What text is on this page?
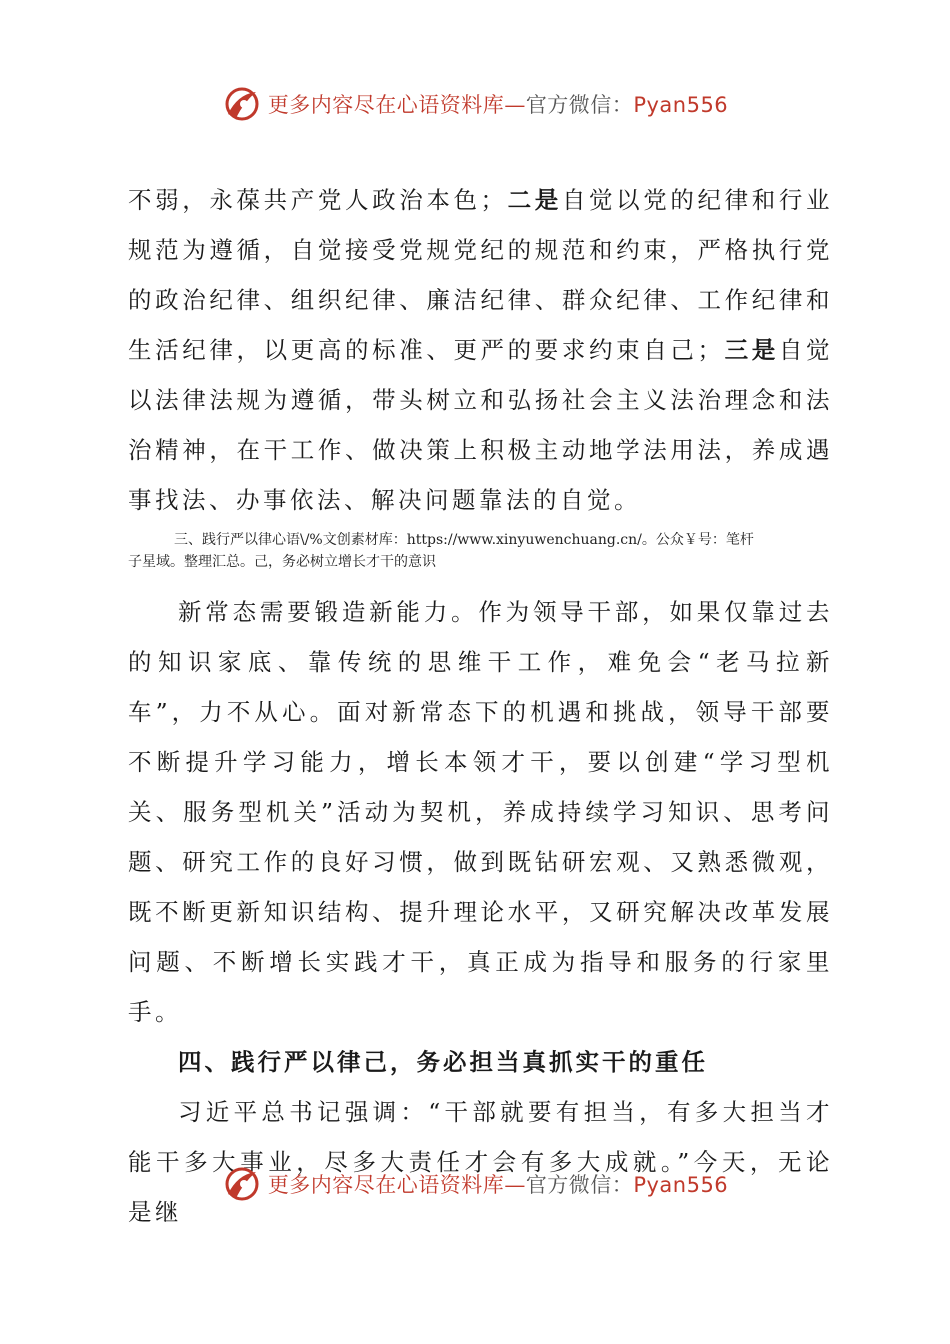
更多内容尽在心语资料库—官方微信：Pyan556

不弱，永葆共产党人政治本色；二是自觉以党的纪律和行业规范为遵循，自觉接受党规党纪的规范和约束，严格执行党的政治纪律、组织纪律、廉洁纪律、群众纪律、工作纪律和生活纪律，以更高的标准、更严的要求约束自己；三是自觉以法律法规为遵循，带头树立和弘扬社会主义法治理念和法治精神，在干工作、做决策上积极主动地学法用法，养成遇事找法、办事依法、解决问题靠法的自觉。

三、践行严以律心语\/%文创素材库：https://www.xinyuwenchuang.cn/。公众￥号：笔杆
子星域。整理汇总。己，务必树立增长才干的意识

新常态需要锻造新能力。作为领导干部，如果仅靠过去的知识家底、靠传统的思维干工作，难免会“老马拉新车”，力不从心。面对新常态下的机遇和挑战，领导干部要不断提升学习能力，增长本领才干，要以创建“学习型机关、服务型机关”活动为契机，养成持续学习知识、思考问题、研究工作的良好习惯，做到既钻研宏观、又熟悉微观，既不断更新知识结构、提升理论水平，又研究解决改革发展问题、不断增长实践才干，真正成为指导和服务的行家里手。

四、践行严以律己，务必担当真抓实干的重任

习近平总书记强调：“干部就要有担当，有多大担当才能干多大事业，尽多大责任才会有多大成就。”今天，无论是继

更多内容尽在心语资料库—官方微信：Pyan556
